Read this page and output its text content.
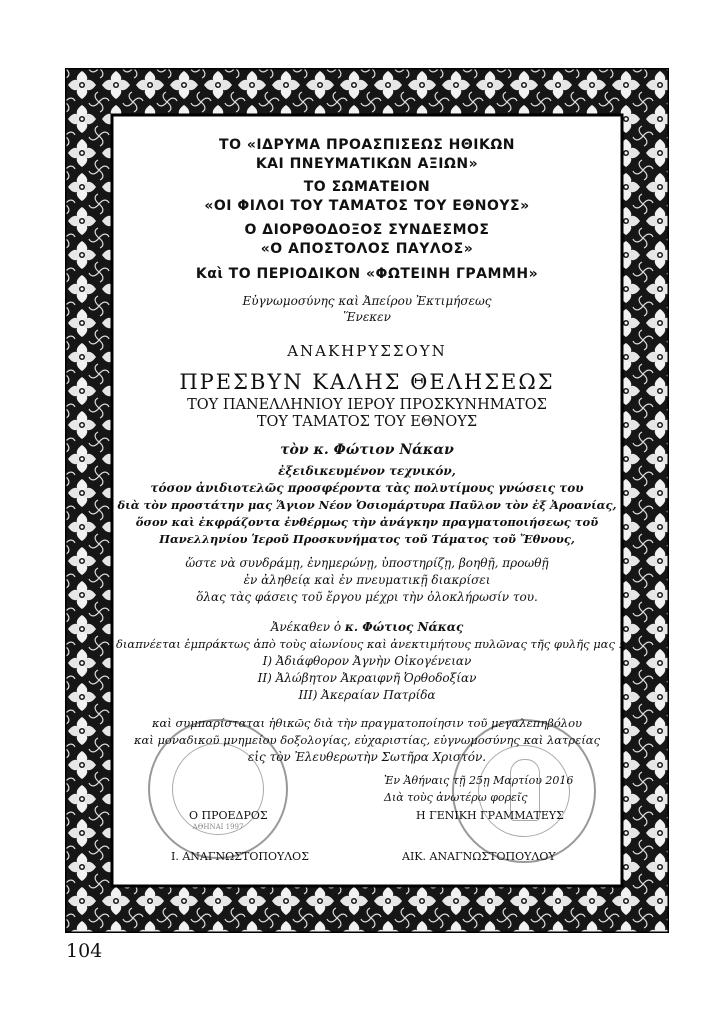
ΤΟ «ΙΔΡΥΜΑ ΠΡΟΑΣΠΙΣΕΩΣ ΗΘΙΚΩΝ
ΚΑΙ ΠΝΕΥΜΑΤΙΚΩΝ ΑΞΙΩΝ»
ΤΟ ΣΩΜΑΤΕΙΟΝ
«ΟΙ ΦΙΛΟΙ ΤΟΥ ΤΑΜΑΤΟΣ ΤΟΥ ΕΘΝΟΥΣ»
Ο ΔΙΟΡΘΟΔΟΞΟΣ ΣΥΝΔΕΣΜΟΣ
«Ο ΑΠΟΣΤΟΛΟΣ ΠΑΥΛΟΣ»
Καὶ ΤΟ ΠΕΡΙΟΔΙΚΟΝ «ΦΩΤΕΙΝΗ ΓΡΑΜΜΗ»
Εὐγνωμοσύνης καὶ Ἀπείρου Ἐκτιμήσεως
Ἕνεκεν
ΑΝΑΚΗΡΥΣΣΟΥΝ
ΠΡΕΣΒΥΝ ΚΑΛΗΣ ΘΕΛΗΣΕΩΣ
ΤΟΥ ΠΑΝΕΛΛΗΝΙΟΥ ΙΕΡΟΥ ΠΡΟΣΚΥΝΗΜΑΤΟΣ
ΤΟΥ ΤΑΜΑΤΟΣ ΤΟΥ ΕΘΝΟΥΣ
τὸν κ. Φώτιον Νάκαν
ἐξειδικευμένον τεχνικόν,
τόσον ἀνιδιοτελῶς προσφέροντα τὰς πολυτίμους γνώσεις του
διὰ τὸν προστάτην μας Ἅγιον Νέον Ὁσιομάρτυρα Παῦλον τὸν ἐξ Ἀροανίας,
ὅσον καὶ ἐκφράζοντα ἐνθέρμως τὴν ἀνάγκην πραγματοποιήσεως τοῦ
Πανελληνίου Ἱεροῦ Προσκυνήματος τοῦ Τάματος τοῦ Ἔθνους,
ὥστε νὰ συνδράμῃ, ἐνημερώνῃ, ὑποστηρίζῃ, βοηθῇ, προωθῇ
ἐν ἀληθείᾳ καὶ ἐν πνευματικῇ διακρίσει
ὅλας τὰς φάσεις τοῦ ἔργου μέχρι τὴν ὁλοκλήρωσίν του.
Ἀνέκαθεν ὁ κ. Φώτιος Νάκας
διαπνέεται ἐμπράκτως ἀπὸ τοὺς αἰωνίους καὶ ἀνεκτιμήτους πυλῶνας τῆς φυλῆς μας :
Ι) Ἀδιάφθορον Ἀγνὴν Οἰκογένειαν
ΙΙ) Ἀλώβητον Ἀκραιφνῆ Ὀρθοδοξίαν
ΙΙΙ) Ἀκεραίαν Πατρίδα
ΑΘΗΝΑΙ 1997
καὶ συμπαρίσταται ἠθικῶς διὰ τὴν πραγματοποίησιν τοῦ μεγαλεπηβόλου
καὶ μοναδικοῦ μνημείου δοξολογίας, εὐχαριστίας, εὐγνωμοσύνης καὶ λατρείας
εἰς τὸν Ἐλευθερωτὴν Σωτῆρα Χριστόν.
Ἐν Ἀθήναις τῇ 25ῃ Μαρτίου 2016
Διὰ τοὺς ἀνωτέρω φορεῖς
Ο ΠΡΟΕΔΡΟΣ	Η ΓΕΝΙΚΗ ΓΡΑΜΜΑΤΕΥΣ
Ι. ΑΝΑΓΝΩΣΤΟΠΟΥΛΟΣ	ΑΙΚ. ΑΝΑΓΝΩΣΤΟΠΟΥΛΟΥ
104
